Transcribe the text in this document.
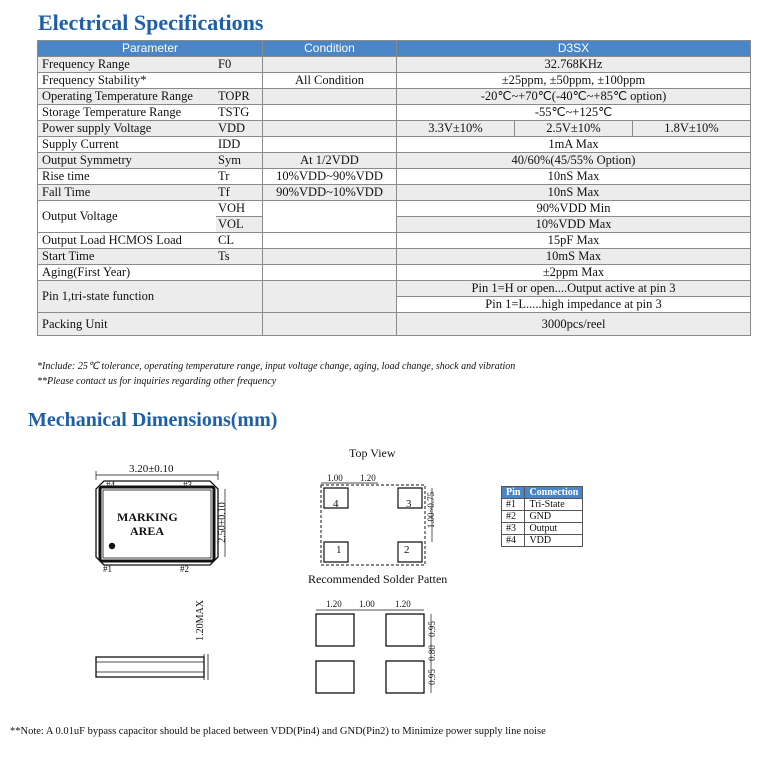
Electrical Specifications
Parameter		Condition	D3SX		
Frequency Range	F0		32.768KHz		
Frequency Stability*		All Condition	±25ppm, ±50ppm, ±100ppm		
Operating Temperature Range	TOPR		-20℃~+70℃(-40℃~+85℃ option)		
Storage Temperature Range	TSTG		-55℃~+125℃		
Power supply Voltage	VDD		3.3V±10%	2.5V±10%	1.8V±10%
Supply Current	IDD		1mA Max		
Output Symmetry	Sym	At 1/2VDD	40/60%(45/55% Option)		
Rise time	Tr	10%VDD~90%VDD	10nS Max		
Fall Time	Tf	90%VDD~10%VDD	10nS Max		
Output Voltage	VOH		90%VDD Min		
	VOL		10%VDD Max		
Output Load HCMOS Load	CL		15pF Max		
Start Time	Ts		10mS Max		
Aging(First Year)			±2ppm Max		
Pin 1,tri-state function			Pin 1=H or open....Output active at pin 3		
			Pin 1=L.....high impedance at pin 3		
Packing Unit			3000pcs/reel		
*Include: 25℃ tolerance, operating temperature range, input voltage change, aging, load change, shock and vibration
**Please contact us for inquiries regarding other frequency
Mechanical Dimensions(mm)
3.20±0.10
#4	#3
#1	#2
MARKING
AREA	2.50±0.10
1.20MAX
Top View
1.00 1.20
1.00~0.75
4	3
1	2
Recommended Solder Patten
1.20 1.00 1.20
0.95
0.80
0.95
Pin	Connection
#1	Tri-State
#2	GND
#3	Output
#4	VDD
**Note: A 0.01uF bypass capacitor should be placed between VDD(Pin4) and GND(Pin2) to Minimize power supply line noise
